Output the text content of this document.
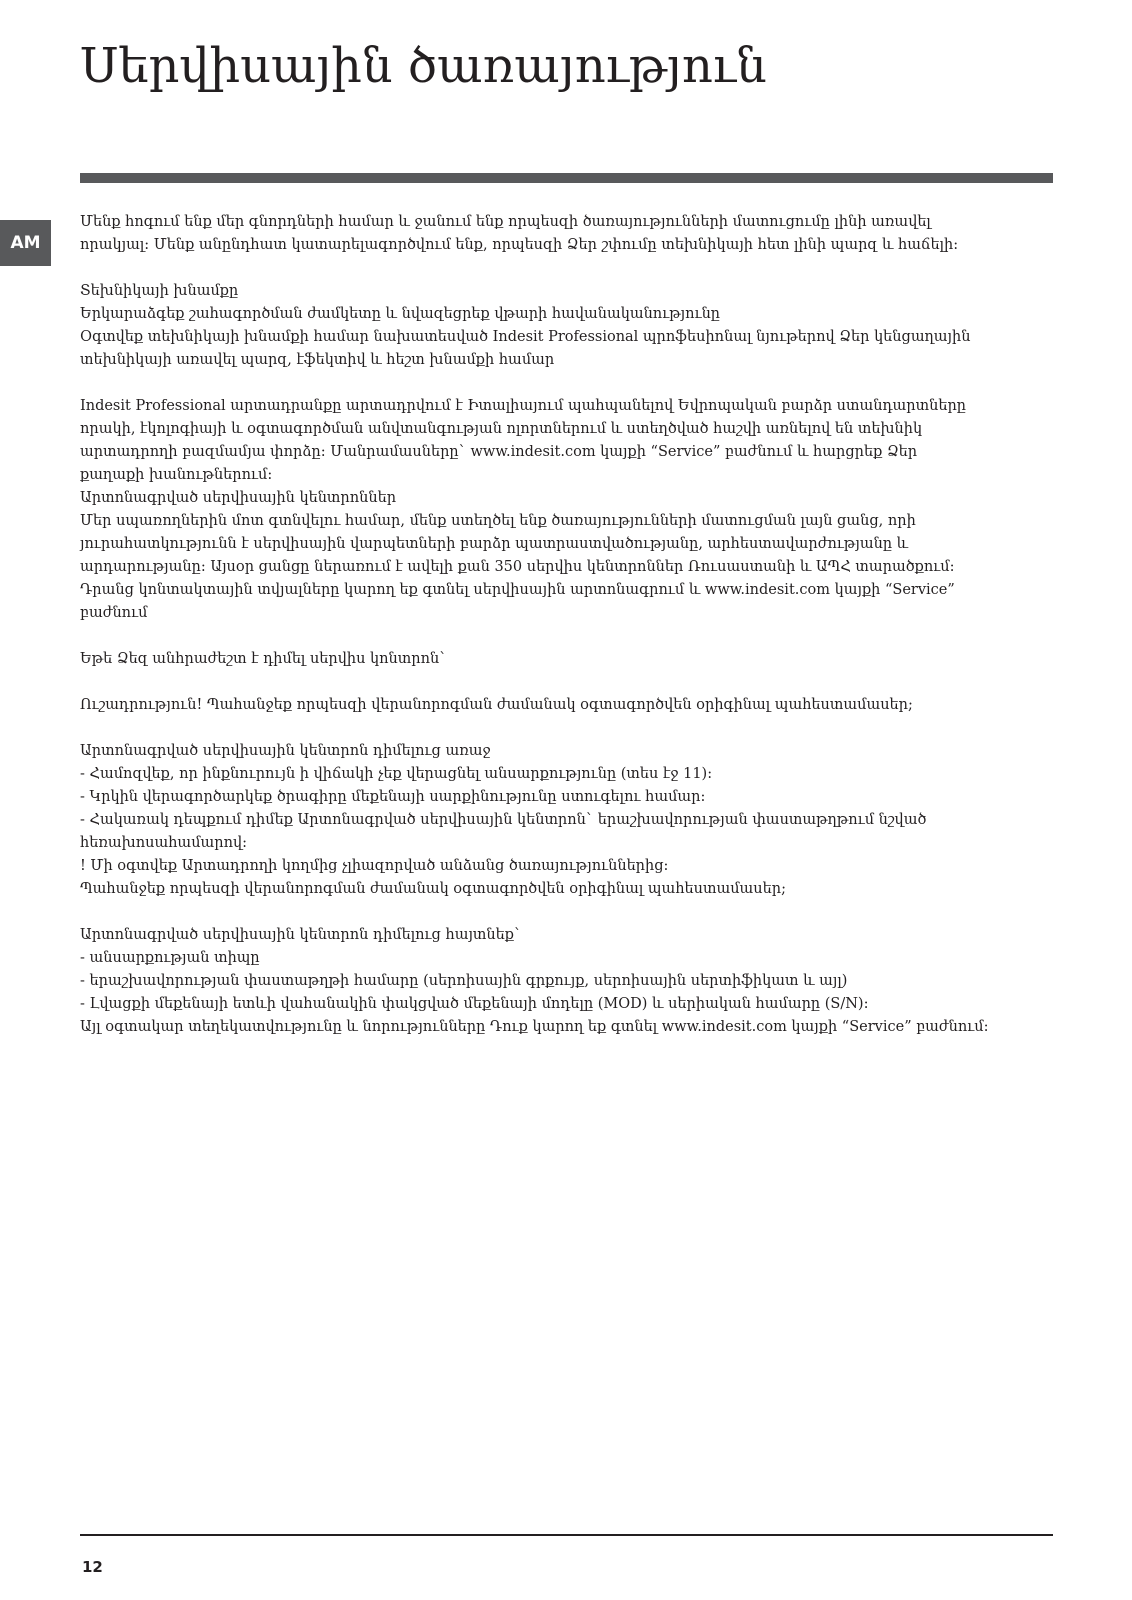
Սերվիսային ծառայություն
AM
Մենք հոգում ենք մեր գնորդների համար և ջանում ենք որպեսզի ծառայությունների մատուցումը լինի առավել
որակյալ: Մենք անընդհատ կատարելագործվում ենք, որպեսզի Ձեր շփումը տեխնիկայի հետ լինի պարզ և հաճելի:
Տեխնիկայի խնամքը
Երկարաձգեք շահագործման ժամկետը և նվազեցրեք վթարի հավանականությունը
Օգտվեք տեխնիկայի խնամքի համար նախատեսված Indesit Professional պրոֆեսիոնալ նյութերով Ձեր կենցաղային
տեխնիկայի առավել պարզ, էֆեկտիվ և հեշտ խնամքի համար
Indesit Professional արտադրանքը արտադրվում է Իտալիայում պահպանելով Եվրոպական բարձր ստանդարտները
որակի, էկոլոգիայի և օգտագործման անվտանգության ոլորտներում և ստեղծված հաշվի առնելով են տեխնիկ
արտադրողի բազմամյա փորձը: Մանրամասները` www.indesit.com կայքի “Service” բաժնում և հարցրեք Ձեր
քաղաքի խանութներում:
Արտոնագրված սերվիսային կենտրոններ
Մեր սպառողներին մոտ գտնվելու համար, մենք ստեղծել ենք ծառայությունների մատուցման լայն ցանց, որի
յուրահատկությունն է սերվիսային վարպետների բարձր պատրաստվածությանը, արհեստավարժությանը և
արդարությանը: Այսօր ցանցը ներառում է ավելի քան 350 սերվիս կենտրոններ Ռուսաստանի և ԱՊՀ տարածքում:
Դրանց կոնտակտային տվյալները կարող եք գտնել սերվիսային արտոնագրում և www.indesit.com կայքի “Service”
բաժնում
Եթե Ձեզ անհրաժեշտ է դիմել սերվիս կոնտրոն`
Ուշադրություն! Պահանջեք որպեսզի վերանորոգման ժամանակ օգտագործվեն օրիգինալ պահեստամասեր;
Արտոնագրված սերվիսային կենտրոն դիմելուց առաջ
- Համոզվեք, որ ինքնուրույն ի վիճակի չեք վերացնել անսարքությունը (տես էջ 11):
- Կրկին վերագործարկեք ծրագիրը մեքենայի սարքինությունը ստուգելու համար:
- Հակառակ դեպքում դիմեք Արտոնագրված սերվիսային կենտրոն` երաշխավորության փաստաթղթում նշված
հեռախոսահամարով:
! Մի օգտվեք Արտադրողի կողմից չլիազորված անձանց ծառայություններից:
Պահանջեք որպեսզի վերանորոգման ժամանակ օգտագործվեն օրիգինալ պահեստամասեր;
Արտոնագրված սերվիսային կենտրոն դիմելուց հայտնեք`
- անսարքության տիպը
- երաշխավորության փաստաթղթի համարը (սերոիսային գրքույք, սերոիսային սերտիֆիկատ և այլ)
- Լվացքի մեքենայի ետևի վահանակին փակցված մեքենայի մոդելը (MOD) և սերիական համարը (S/N):
Այլ օգտակար տեղեկատվությունը և նորությունները Դուք կարող եք գտնել www.indesit.com կայքի “Service” բաժնում:
12
